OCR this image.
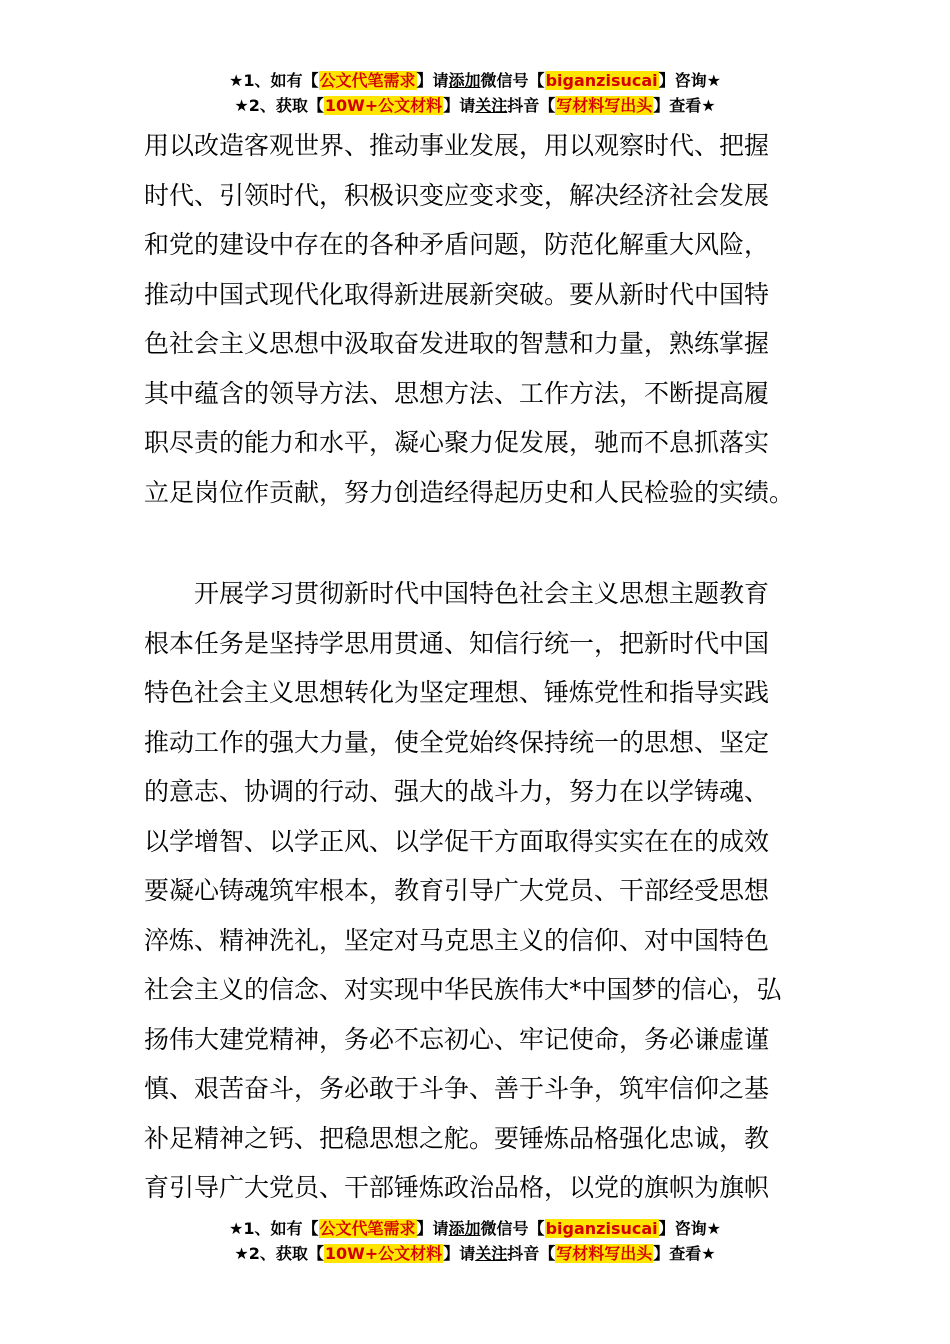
★1、如有【公文代笔需求】请添加微信号【biganzisucai】咨询★
★2、获取【10W+公文材料】请关注抖音【写材料写出头】查看★
用以改造客观世界、推动事业发展，用以观察时代、把握
时代、引领时代，积极识变应变求变，解决经济社会发展
和党的建设中存在的各种矛盾问题，防范化解重大风险，
推动中国式现代化取得新进展新突破。要从新时代中国特
色社会主义思想中汲取奋发进取的智慧和力量，熟练掌握
其中蕴含的领导方法、思想方法、工作方法，不断提高履
职尽责的能力和水平，凝心聚力促发展，驰而不息抓落实
立足岗位作贡献，努力创造经得起历史和人民检验的实绩。
开展学习贯彻新时代中国特色社会主义思想主题教育
根本任务是坚持学思用贯通、知信行统一，把新时代中国
特色社会主义思想转化为坚定理想、锤炼党性和指导实践
推动工作的强大力量，使全党始终保持统一的思想、坚定
的意志、协调的行动、强大的战斗力，努力在以学铸魂、
以学增智、以学正风、以学促干方面取得实实在在的成效
要凝心铸魂筑牢根本，教育引导广大党员、干部经受思想
淬炼、精神洗礼，坚定对马克思主义的信仰、对中国特色
社会主义的信念、对实现中华民族伟大*中国梦的信心，弘
扬伟大建党精神，务必不忘初心、牢记使命，务必谦虚谨
慎、艰苦奋斗，务必敢于斗争、善于斗争，筑牢信仰之基
补足精神之钙、把稳思想之舵。要锤炼品格强化忠诚，教
育引导广大党员、干部锤炼政治品格，以党的旗帜为旗帜
★1、如有【公文代笔需求】请添加微信号【biganzisucai】咨询★
★2、获取【10W+公文材料】请关注抖音【写材料写出头】查看★
